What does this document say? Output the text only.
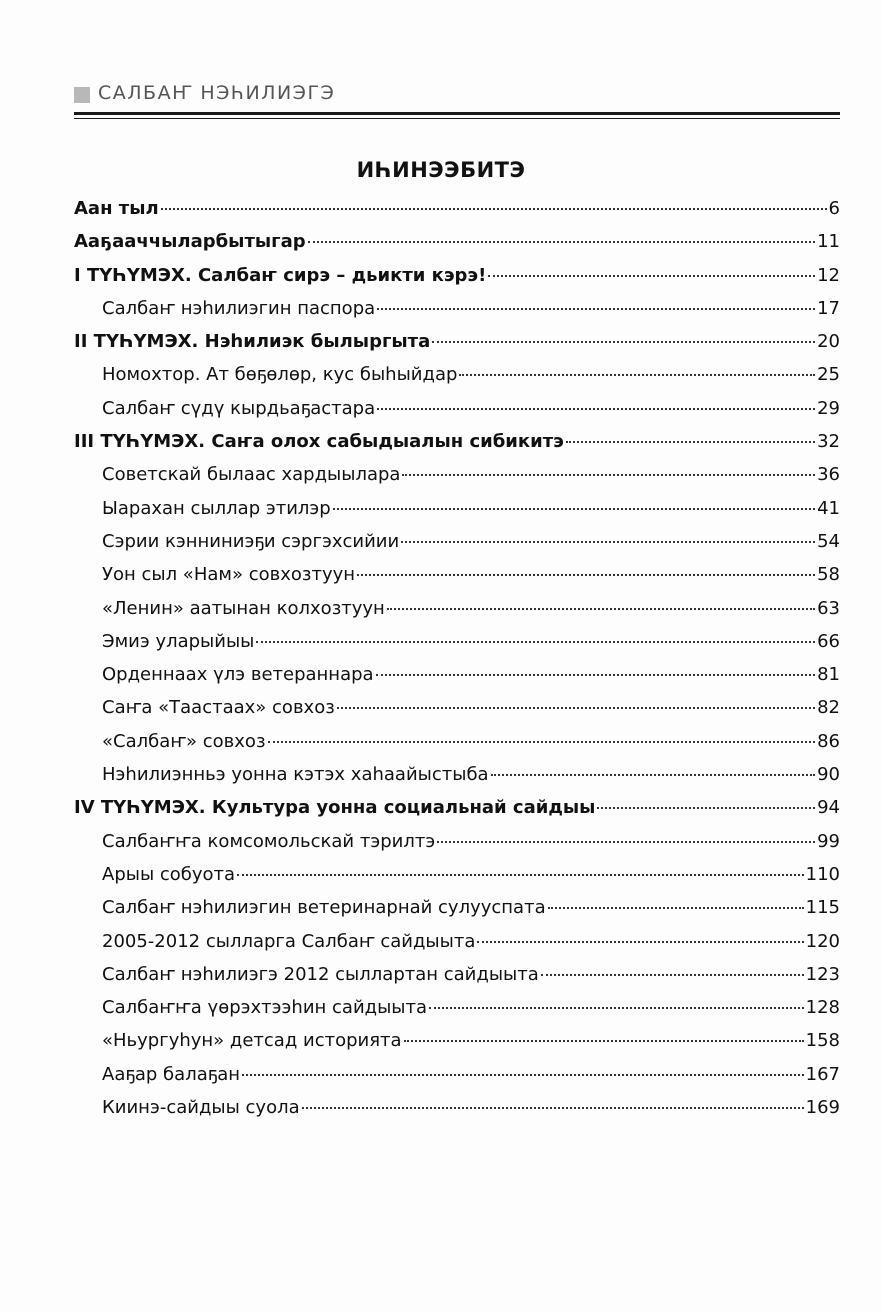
САЛБАҤ НЭҺИЛИЭГЭ
ИҺИНЭЭБИТЭ
Аан тыл	6
Ааҕааччыларбытыгар	11
I ТҮҺҮМЭХ. Салбаҥ сирэ – дьикти кэрэ!	12
Салбаҥ нэһилиэгин паспора	17
II ТҮҺҮМЭХ. Нэһилиэк былыргыта	20
Номохтор. Ат бөҕөлөр, кус быһыйдар	25
Салбаҥ сүдү кырдьаҕастара	29
III ТҮҺҮМЭХ. Саҥа олох сабыдыалын сибикитэ	32
Советскай былаас хардыылара	36
Ыарахан сыллар этилэр	41
Сэрии кэнниниэҕи сэргэхсийии	54
Уон сыл «Нам» совхозтуун	58
«Ленин» аатынан колхозтуун	63
Эмиэ уларыйыы	66
Орденнаах үлэ ветераннара	81
Саҥа «Таастаах» совхоз	82
«Салбаҥ» совхоз	86
Нэһилиэнньэ уонна кэтэх хаһаайыстыба	90
IV ТҮҺҮМЭХ. Культура уонна социальнай сайдыы	94
Салбаҥҥа комсомольскай тэрилтэ	99
Арыы собуота	110
Салбаҥ нэһилиэгин ветеринарнай сулууспата	115
2005-2012 сылларга Салбаҥ сайдыыта	120
Салбаҥ нэһилиэгэ 2012 сыллартан сайдыыта	123
Салбаҥҥа үөрэхтээһин сайдыыта	128
«Ньургуһун» детсад историята	158
Ааҕар балаҕан	167
Киинэ-сайдыы суола	169
